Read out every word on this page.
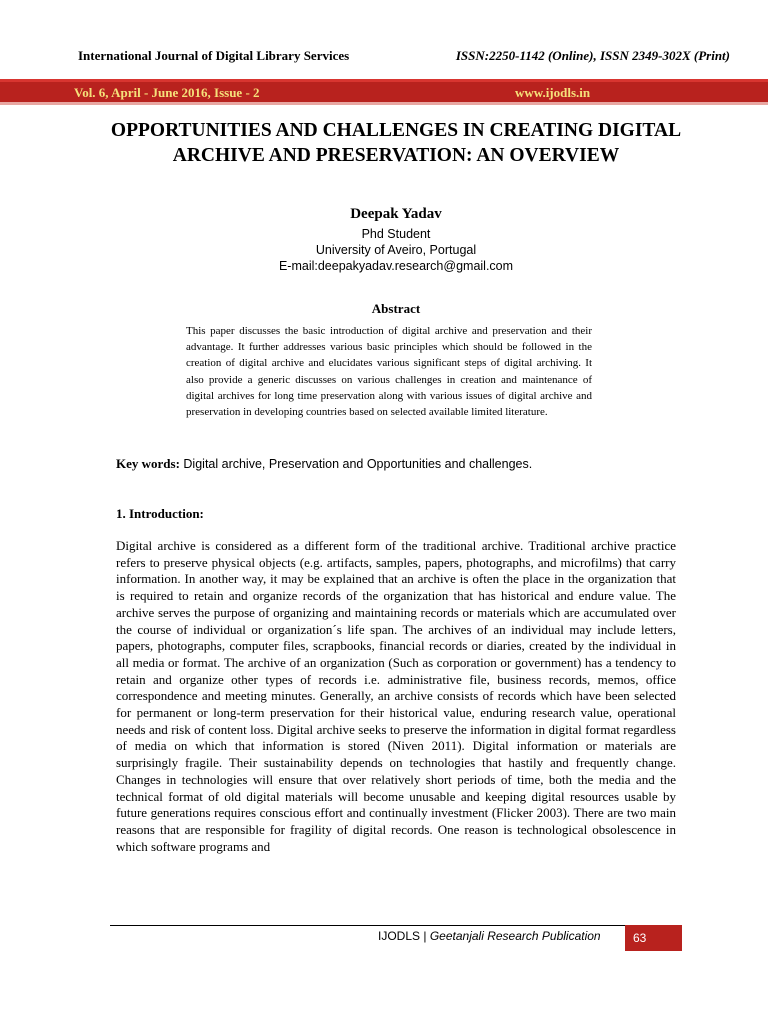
International Journal of Digital Library Services	ISSN:2250-1142 (Online), ISSN 2349-302X (Print)
Vol. 6, April - June 2016, Issue - 2	www.ijodls.in
OPPORTUNITIES AND CHALLENGES IN CREATING DIGITAL ARCHIVE AND PRESERVATION: AN OVERVIEW
Deepak Yadav
Phd Student
University of Aveiro, Portugal
E-mail:deepakyadav.research@gmail.com
Abstract
This paper discusses the basic introduction of digital archive and preservation and their advantage. It further addresses various basic principles which should be followed in the creation of digital archive and elucidates various significant steps of digital archiving. It also provide a generic discusses on various challenges in creation and maintenance of digital archives for long time preservation along with various issues of digital archive and preservation in developing countries based on selected available limited literature.
Key words: Digital archive, Preservation and Opportunities and challenges.
1. Introduction:
Digital archive is considered as a different form of the traditional archive. Traditional archive practice refers to preserve physical objects (e.g. artifacts, samples, papers, photographs, and microfilms) that carry information. In another way, it may be explained that an archive is often the place in the organization that is required to retain and organize records of the organization that has historical and endure value. The archive serves the purpose of organizing and maintaining records or materials which are accumulated over the course of individual or organization´s life span. The archives of an individual may include letters, papers, photographs, computer files, scrapbooks, financial records or diaries, created by the individual in all media or format. The archive of an organization (Such as corporation or government) has a tendency to retain and organize other types of records i.e. administrative file, business records, memos, office correspondence and meeting minutes. Generally, an archive consists of records which have been selected for permanent or long-term preservation for their historical value, enduring research value, operational needs and risk of content loss. Digital archive seeks to preserve the information in digital format regardless of media on which that information is stored (Niven 2011). Digital information or materials are surprisingly fragile. Their sustainability depends on technologies that hastily and frequently change. Changes in technologies will ensure that over relatively short periods of time, both the media and the technical format of old digital materials will become unusable and keeping digital resources usable by future generations requires conscious effort and continually investment (Flicker 2003). There are two main reasons that are responsible for fragility of digital records. One reason is technological obsolescence in which software programs and
IJODLS | Geetanjali Research Publication	63
